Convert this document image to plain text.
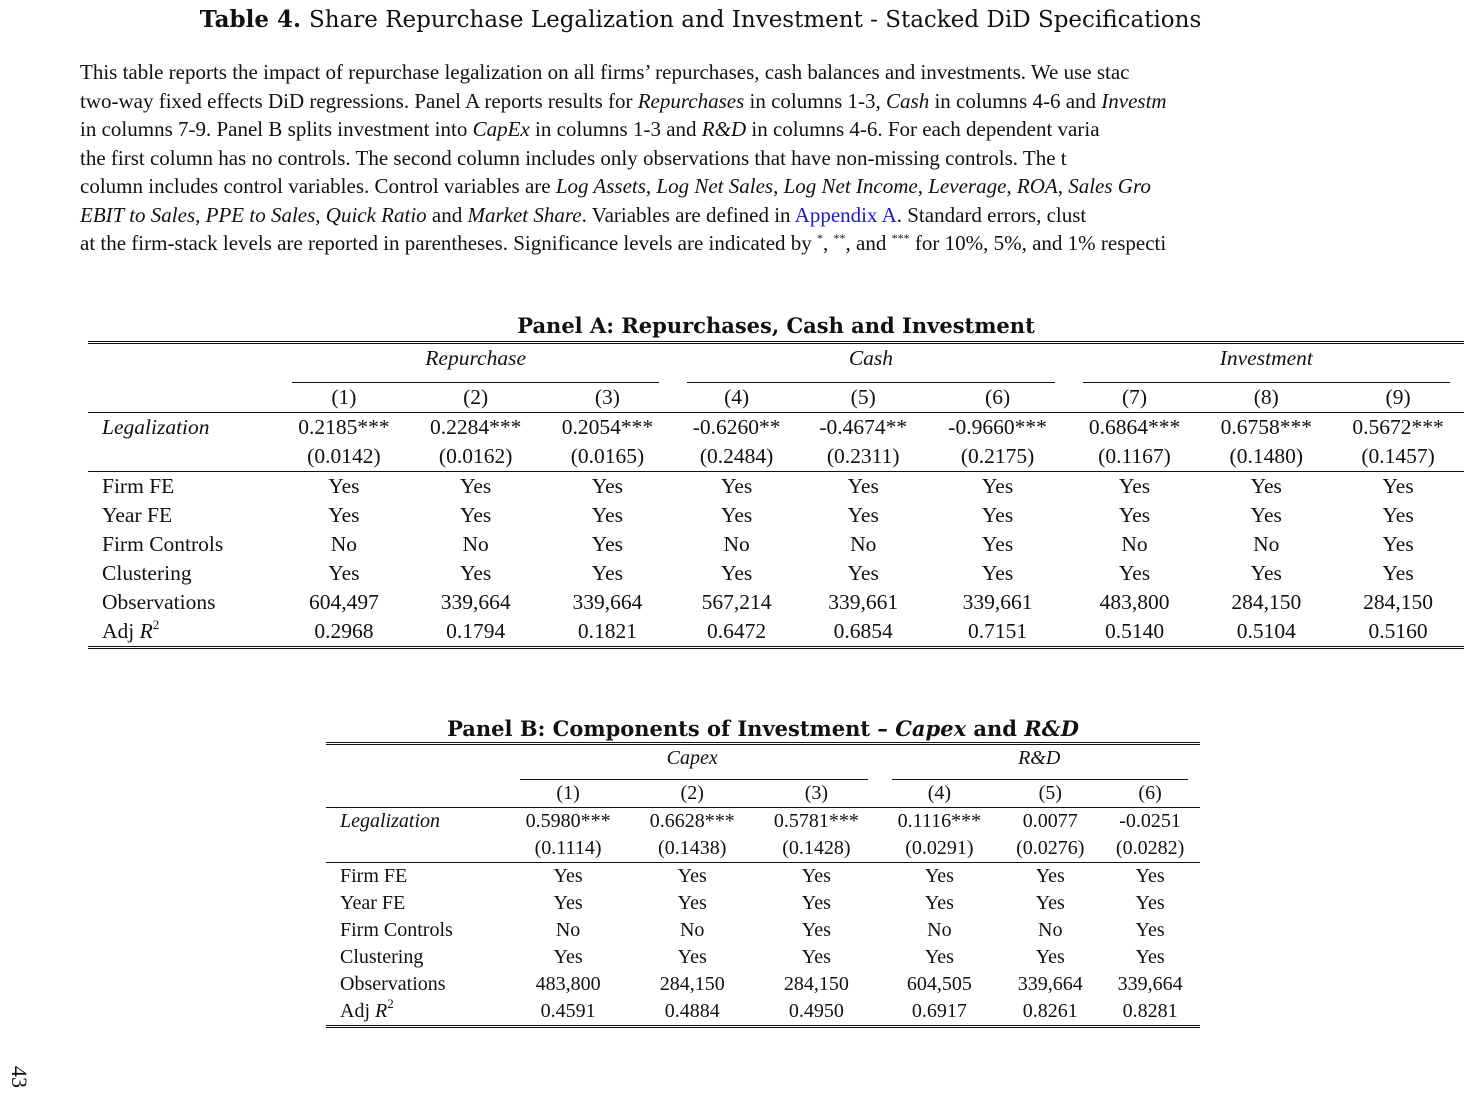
Table 4. Share Repurchase Legalization and Investment - Stacked DiD Specifications
This table reports the impact of repurchase legalization on all firms’ repurchases, cash balances and investments. We use stac
two-way fixed effects DiD regressions. Panel A reports results for Repurchases in columns 1-3, Cash in columns 4-6 and Investm
in columns 7-9. Panel B splits investment into CapEx in columns 1-3 and R&D in columns 4-6. For each dependent varia
the first column has no controls. The second column includes only observations that have non-missing controls. The t
column includes control variables. Control variables are Log Assets, Log Net Sales, Log Net Income, Leverage, ROA, Sales Gro
EBIT to Sales, PPE to Sales, Quick Ratio and Market Share. Variables are defined in Appendix A. Standard errors, clust
at the firm-stack levels are reported in parentheses. Significance levels are indicated by *, **, and *** for 10%, 5%, and 1% respecti
Panel A: Repurchases, Cash and Investment

	Repurchase			Cash			Investment		

	(1)	(2)	(3)	(4)	(5)	(6)	(7)	(8)	(9)
Legalization	0.2185***	0.2284***	0.2054***	-0.6260**	-0.4674**	-0.9660***	0.6864***	0.6758***	0.5672***
	(0.0142)	(0.0162)	(0.0165)	(0.2484)	(0.2311)	(0.2175)	(0.1167)	(0.1480)	(0.1457)
Firm FE	Yes	Yes	Yes	Yes	Yes	Yes	Yes	Yes	Yes
Year FE	Yes	Yes	Yes	Yes	Yes	Yes	Yes	Yes	Yes
Firm Controls	No	No	Yes	No	No	Yes	No	No	Yes
Clustering	Yes	Yes	Yes	Yes	Yes	Yes	Yes	Yes	Yes
Observations	604,497	339,664	339,664	567,214	339,661	339,661	483,800	284,150	284,150
Adj $R^2$	0.2968	0.1794	0.1821	0.6472	0.6854	0.7151	0.5140	0.5104	0.5160

Panel B: Components of Investment – Capex and R&D

	Capex			R&D		

	(1)	(2)	(3)	(4)	(5)	(6)
Legalization	0.5980***	0.6628***	0.5781***	0.1116***	0.0077	-0.0251
	(0.1114)	(0.1438)	(0.1428)	(0.0291)	(0.0276)	(0.0282)
Firm FE	Yes	Yes	Yes	Yes	Yes	Yes
Year FE	Yes	Yes	Yes	Yes	Yes	Yes
Firm Controls	No	No	Yes	No	No	Yes
Clustering	Yes	Yes	Yes	Yes	Yes	Yes
Observations	483,800	284,150	284,150	604,505	339,664	339,664
Adj $R^2$	0.4591	0.4884	0.4950	0.6917	0.8261	0.8281

43
